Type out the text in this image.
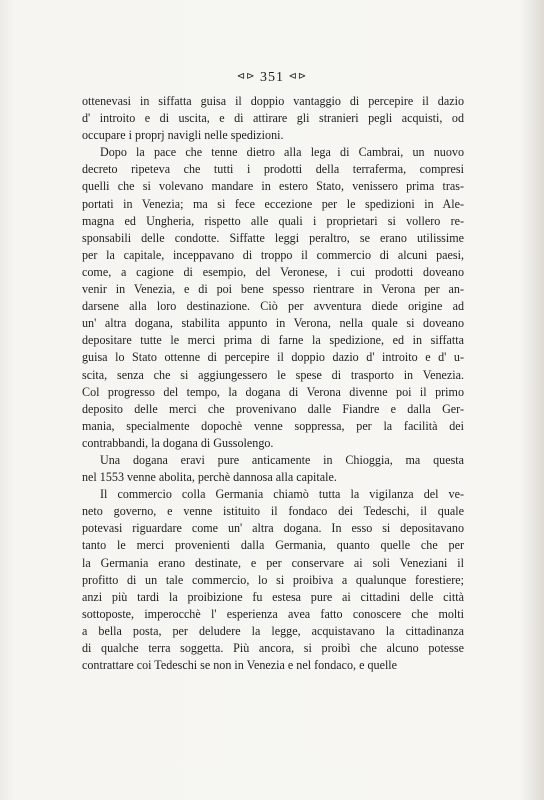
⊲⊳ 351 ⊲⊳

ottenevasi in siffatta guisa il doppio vantaggio di percepire il dazio
d' introito e di uscita, e di attirare gli stranieri pegli acquisti, od
occupare i proprj navigli nelle spedizioni.

Dopo la pace che tenne dietro alla lega di Cambrai, un nuovo
decreto ripeteva che tutti i prodotti della terraferma, compresi
quelli che si volevano mandare in estero Stato, venissero prima tras-
portati in Venezia; ma si fece eccezione per le spedizioni in Ale-
magna ed Ungheria, rispetto alle quali i proprietari si vollero re-
sponsabili delle condotte. Siffatte leggi peraltro, se erano utilissime
per la capitale, inceppavano di troppo il commercio di alcuni paesi,
come, a cagione di esempio, del Veronese, i cui prodotti doveano
venir in Venezia, e di poi bene spesso rientrare in Verona per an-
darsene alla loro destinazione. Ciò per avventura diede origine ad
un' altra dogana, stabilita appunto in Verona, nella quale si doveano
depositare tutte le merci prima di farne la spedizione, ed in siffatta
guisa lo Stato ottenne di percepire il doppio dazio d' introito e d' u-
scita, senza che si aggiungessero le spese di trasporto in Venezia.
Col progresso del tempo, la dogana di Verona divenne poi il primo
deposito delle merci che provenivano dalle Fiandre e dalla Ger-
mania, specialmente dopochè venne soppressa, per la facilità dei
contrabbandi, la dogana di Gussolengo.

Una dogana eravi pure anticamente in Chioggia, ma questa
nel 1553 venne abolita, perchè dannosa alla capitale.

Il commercio colla Germania chiamò tutta la vigilanza del ve-
neto governo, e venne istituito il fondaco dei Tedeschi, il quale
potevasi riguardare come un' altra dogana. In esso si depositavano
tanto le merci provenienti dalla Germania, quanto quelle che per
la Germania erano destinate, e per conservare ai soli Veneziani il
profitto di un tale commercio, lo si proibiva a qualunque forestiere;
anzi più tardi la proibizione fu estesa pure ai cittadini delle città
sottoposte, imperocchè l' esperienza avea fatto conoscere che molti
a bella posta, per deludere la legge, acquistavano la cittadinanza
di qualche terra soggetta. Più ancora, si proibì che alcuno potesse
contrattare coi Tedeschi se non in Venezia e nel fondaco, e quelle
